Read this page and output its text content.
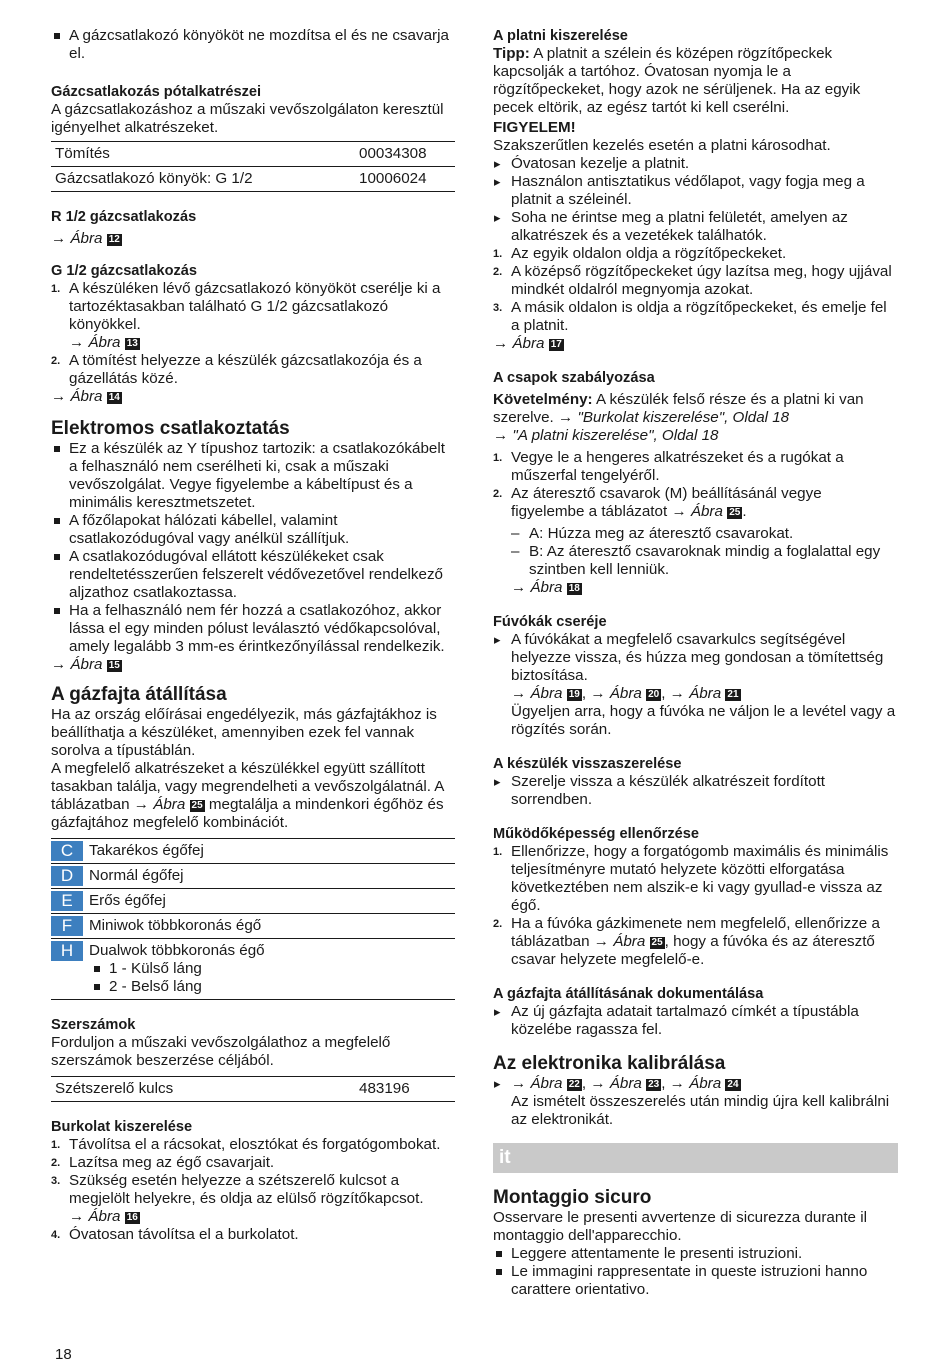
A gázcsatlakozó könyököt ne mozdítsa el és ne csavarja el.
Gázcsatlakozás pótalkatrészei

A gázcsatlakozáshoz a műszaki vevőszolgálaton keresztül igényelhet alkatrészeket.

Tömítés	00034308
Gázcsatlakozó könyök: G 1/2	10006024
R 1/2 gázcsatlakozás

→ Ábra 12

G 1/2 gázcsatlakozás
1. A készüléken lévő gázcsatlakozó könyököt cserélje ki a tartozéktasakban található G 1/2 gázcsatlakozó könyökkel.
→ Ábra 13
2. A tömítést helyezze a készülék gázcsatlakozója és a gázellátás közé.

→ Ábra 14

Elektromos csatlakoztatás
Ez a készülék az Y típushoz tartozik: a csatlakozókábelt a felhasználó nem cserélheti ki, csak a műszaki vevőszolgálat. Vegye figyelembe a kábeltípust és a minimális keresztmetszetet.
A főzőlapokat hálózati kábellel, valamint csatlakozódugóval vagy anélkül szállítjuk.
A csatlakozódugóval ellátott készülékeket csak rendeltetésszerűen felszerelt védővezetővel rendelkező aljzathoz csatlakoztassa.
Ha a felhasználó nem fér hozzá a csatlakozóhoz, akkor lássa el egy minden pólust leválasztó védőkapcsolóval, amely legalább 3 mm-es érintkezőnyílással rendelkezik.

→ Ábra 15

A gázfajta átállítása

Ha az ország előírásai engedélyezik, más gázfajtákhoz is beállíthatja a készüléket, amennyiben ezek fel vannak sorolva a típustáblán.

A megfelelő alkatrészeket a készülékkel együtt szállított tasakban találja, vagy megrendelheti a vevőszolgálatnál. A táblázatban → Ábra 25 megtalálja a mindenkori égőhöz és gázfajtához megfelelő kombinációt.

C	Takarékos égőfej
D	Normál égőfej
E	Erős égőfej
F	Miniwok többkoronás égő
H	Dualwok többkoronás égő
1 - Külső láng
2 - Belső láng
Szerszámok

Forduljon a műszaki vevőszolgálathoz a megfelelő szerszámok beszerzése céljából.

Szétszerelő kulcs	483196
Burkolat kiszerelése
1. Távolítsa el a rácsokat, elosztókat és forgatógombokat.
2. Lazítsa meg az égő csavarjait.
3. Szükség esetén helyezze a szétszerelő kulcsot a megjelölt helyekre, és oldja az elülső rögzítőkapcsot.
→ Ábra 16
4. Óvatosan távolítsa el a burkolatot.
A platni kiszerelése

Tipp: A platnit a szélein és középen rögzítőpeckek kapcsolják a tartóhoz. Óvatosan nyomja le a rögzítőpeckeket, hogy azok ne sérüljenek. Ha az egyik pecek eltörik, az egész tartót ki kell cserélni.

FIGYELEM!

Szakszerűtlen kezelés esetén a platni károsodhat.

▸ Óvatosan kezelje a platnit.
▸ Használon antisztatikus védőlapot, vagy fogja meg a platnit a széleinél.
▸ Soha ne érintse meg a platni felületét, amelyen az alkatrészek és a vezetékek találhatók.
1. Az egyik oldalon oldja a rögzítőpeckeket.
2. A középső rögzítőpeckeket úgy lazítsa meg, hogy ujjával mindkét oldalról megnyomja azokat.
3. A másik oldalon is oldja a rögzítőpeckeket, és emelje fel a platnit.

→ Ábra 17

A csapok szabályozása

Követelmény: A készülék felső része és a platni ki van szerelve. → "Burkolat kiszerelése", Oldal 18

→ "A platni kiszerelése", Oldal 18

1. Vegye le a hengeres alkatrészeket és a rugókat a műszerfal tengelyéről.
2. Az áteresztő csavarok (M) beállításánál vegye figyelembe a táblázatot → Ábra 25 .
– A: Húzza meg az áteresztő csavarokat.
– B: Az áteresztő csavaroknak mindig a foglalattal egy szintben kell lenniük.
→ Ábra 18
Fúvókák cseréje
▸ A fúvókákat a megfelelő csavarkulcs segítségével helyezze vissza, és húzza meg gondosan a tömítettség biztosítása.
→ Ábra 19 , → Ábra 20 , → Ábra 21
Ügyeljen arra, hogy a fúvóka ne váljon le a levétel vagy a rögzítés során.
A készülék visszaszerelése
▸ Szerelje vissza a készülék alkatrészeit fordított sorrendben.
Működőképesség ellenőrzése
1. Ellenőrizze, hogy a forgatógomb maximális és minimális teljesítményre mutató helyzete közötti elforgatása következtében nem alszik-e ki vagy gyullad-e vissza az égő.
2. Ha a fúvóka gázkimenete nem megfelelő, ellenőrizze a táblázatban → Ábra 25 , hogy a fúvóka és az áteresztő csavar helyzete megfelelő-e.
A gázfajta átállításának dokumentálása
▸ Az új gázfajta adatait tartalmazó címkét a típustábla közelébe ragassza fel.
Az elektronika kalibrálása
▸ → Ábra 22 , → Ábra 23 , → Ábra 24
Az ismételt összeszerelés után mindig újra kell kalibrálni az elektronikát.
it
Montaggio sicuro

Osservare le presenti avvertenze di sicurezza durante il montaggio dell'apparecchio.

Leggere attentamente le presenti istruzioni.
Le immagini rappresentate in queste istruzioni hanno carattere orientativo.
18
